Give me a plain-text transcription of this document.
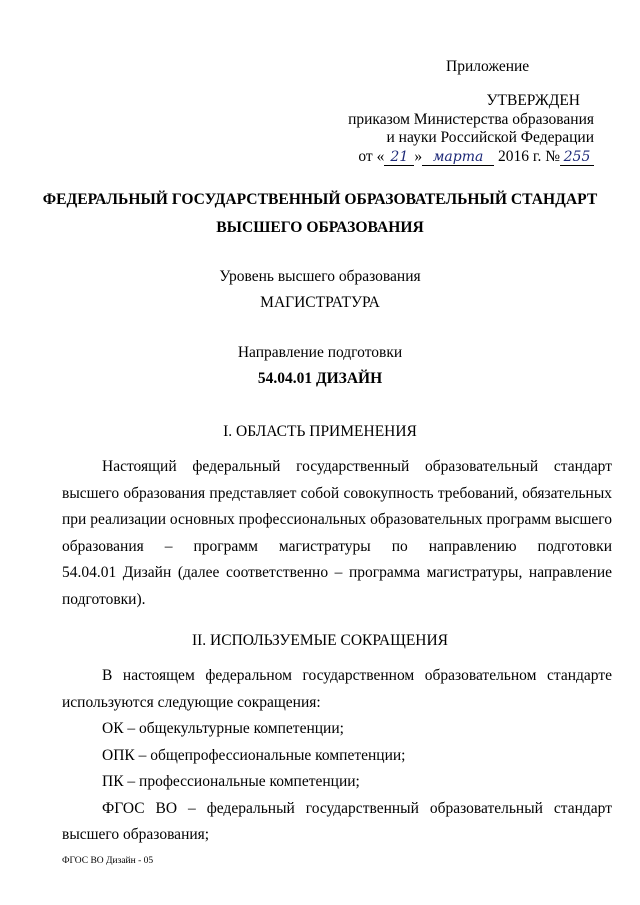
Приложение
УТВЕРЖДЕН
приказом Министерства образования
и науки Российской Федерации
от « 21 » марта 2016 г. № 255
ФЕДЕРАЛЬНЫЙ ГОСУДАРСТВЕННЫЙ ОБРАЗОВАТЕЛЬНЫЙ СТАНДАРТ
ВЫСШЕГО ОБРАЗОВАНИЯ
Уровень высшего образования
МАГИСТРАТУРА
Направление подготовки
54.04.01 ДИЗАЙН
I. ОБЛАСТЬ ПРИМЕНЕНИЯ
Настоящий федеральный государственный образовательный стандарт
высшего образования представляет собой совокупность требований, обязательных
при реализации основных профессиональных образовательных программ высшего
образования – программ магистратуры по направлению подготовки
54.04.01 Дизайн (далее соответственно – программа магистратуры, направление
подготовки).
II. ИСПОЛЬЗУЕМЫЕ СОКРАЩЕНИЯ
В настоящем федеральном государственном образовательном стандарте
используются следующие сокращения:
ОК – общекультурные компетенции;
ОПК – общепрофессиональные компетенции;
ПК – профессиональные компетенции;
ФГОС ВО – федеральный государственный образовательный стандарт
высшего образования;
ФГОС ВО Дизайн - 05
